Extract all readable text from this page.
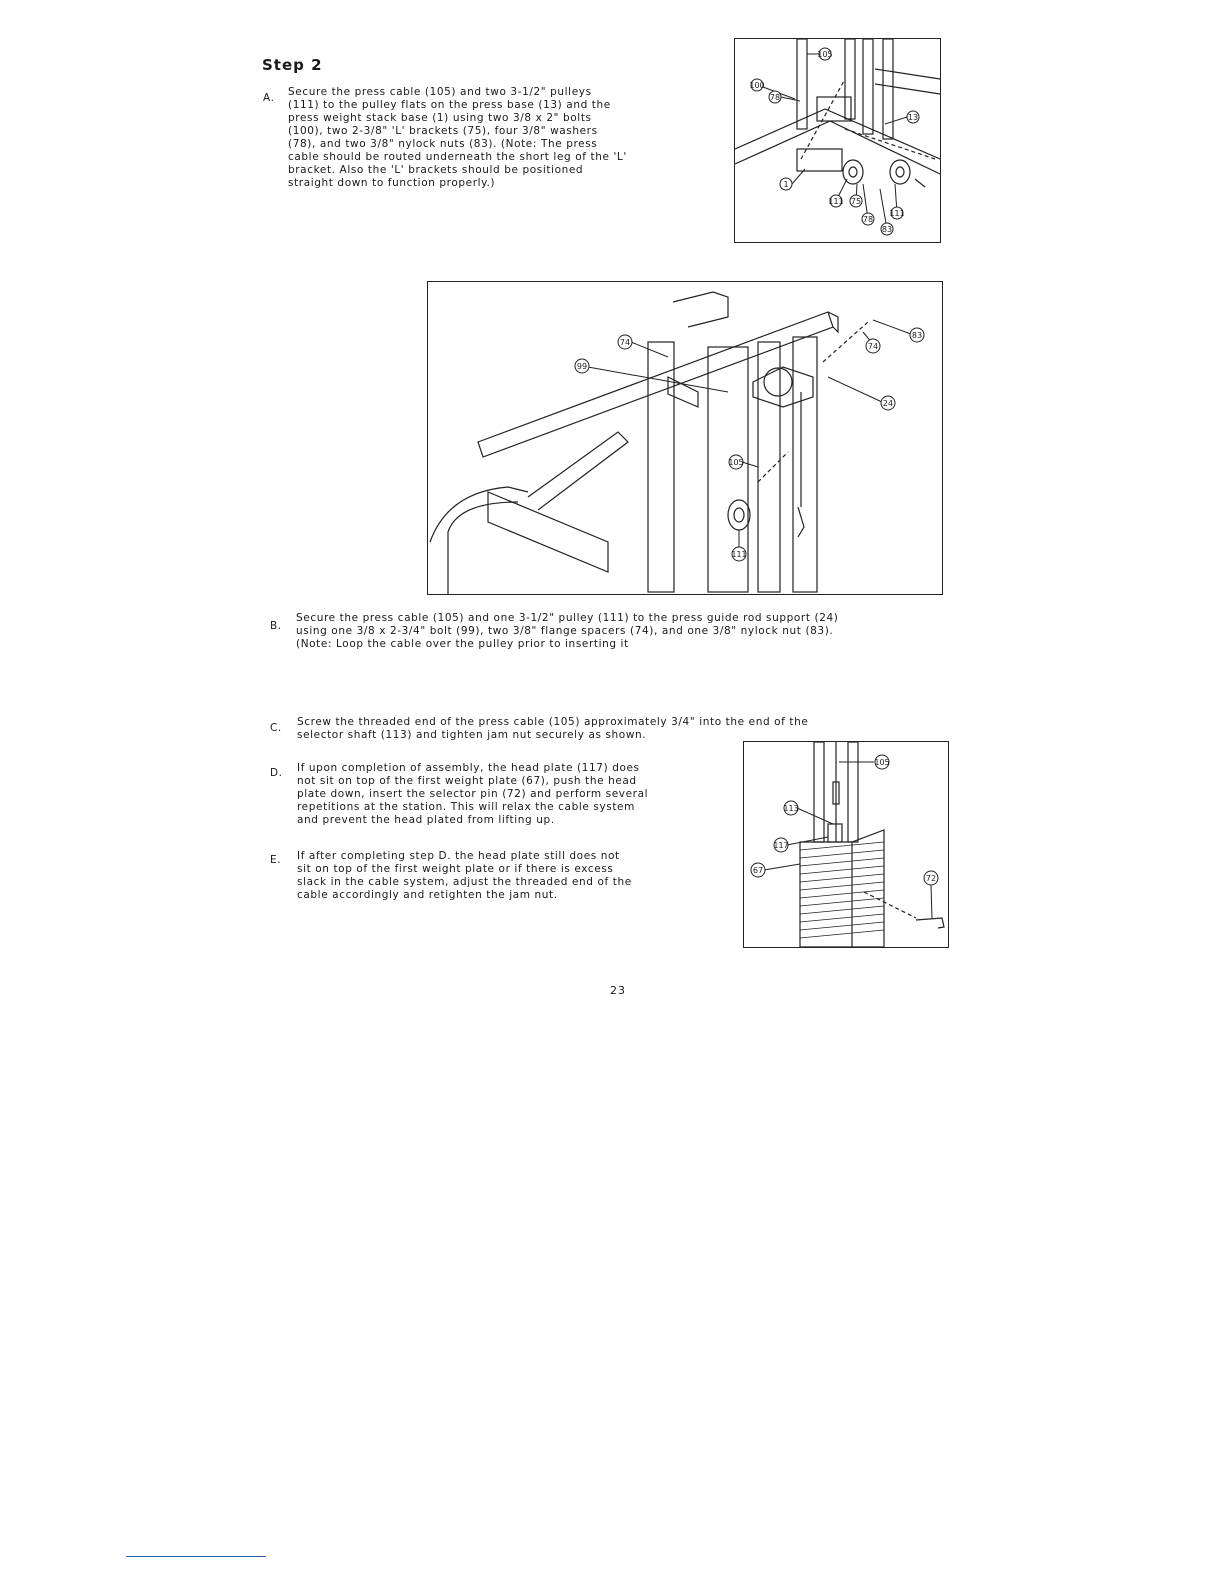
Step 2
A. Secure the press cable (105) and two 3-1/2" pulleys
(111) to the pulley flats on the press base (13) and the
press weight stack base (1) using two 3/8 x 2" bolts
(100), two 2-3/8" 'L' brackets (75), four 3/8" washers
(78), and two 3/8" nylock nuts (83). (Note: The press
cable should be routed underneath the short leg of the 'L'
bracket. Also the 'L' brackets should be positioned
straight down to function properly.)
105
100
78
13
1
111 75
78
111
83
74
83
99
74
24
105
111
B.
Secure the press cable (105) and one 3-1/2" pulley (111) to the press guide rod support (24)
using one 3/8 x 2-3/4" bolt (99), two 3/8" flange spacers (74), and one 3/8" nylock nut (83).
(Note: Loop the cable over the pulley prior to inserting it
C. Screw the threaded end of the press cable (105) approximately 3/4" into the end of the
selector shaft (113) and tighten jam nut securely as shown.
D. If upon completion of assembly, the head plate (117) does
not sit on top of the first weight plate (67), push the head
plate down, insert the selector pin (72) and perform several
repetitions at the station. This will relax the cable system
and prevent the head plated from lifting up.
E. If after completing step D. the head plate still does not
sit on top of the first weight plate or if there is excess
slack in the cable system, adjust the threaded end of the
cable accordingly and retighten the jam nut.
105
113
117
67
72
23
